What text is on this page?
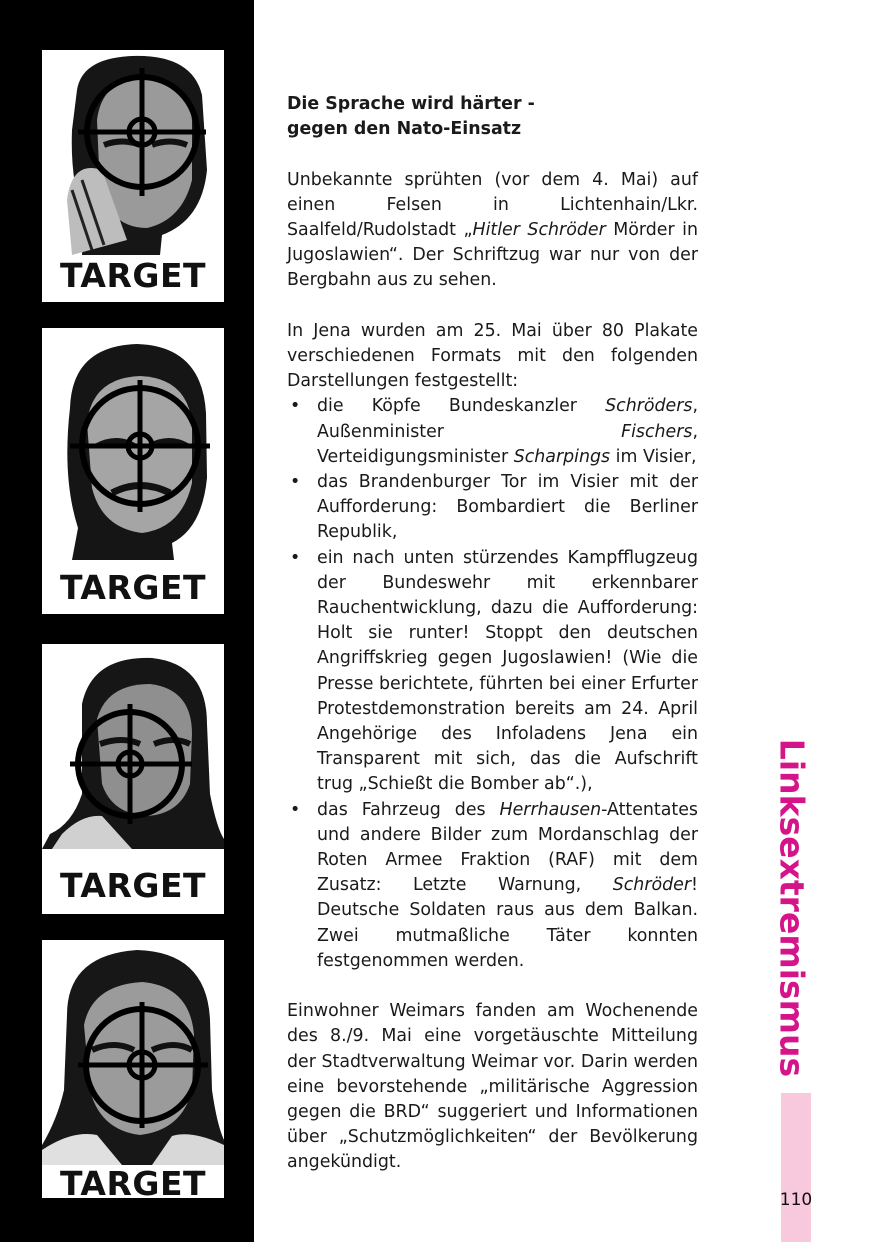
TARGET
TARGET
TARGET
TARGET

Die Sprache wird härter -
gegen den Nato-Einsatz

Unbekannte sprühten (vor dem 4. Mai) auf einen Felsen in Lichtenhain/Lkr. Saalfeld/Rudolstadt „Hitler Schröder Mörder in Jugoslawien“. Der Schriftzug war nur von der Bergbahn aus zu sehen.

In Jena wurden am 25. Mai über 80 Plakate verschiedenen Formats mit den folgenden Darstellungen festgestellt:

• die Köpfe Bundeskanzler Schröders, Außenminister Fischers, Verteidigungsminister Scharpings im Visier,
• das Brandenburger Tor im Visier mit der Aufforderung: Bombardiert die Berliner Republik,
• ein nach unten stürzendes Kampfflugzeug der Bundeswehr mit erkennbarer Rauchentwicklung, dazu die Aufforderung: Holt sie runter! Stoppt den deutschen Angriffskrieg gegen Jugoslawien! (Wie die Presse berichtete, führten bei einer Erfurter Protestdemonstration bereits am 24. April Angehörige des Infoladens Jena ein Transparent mit sich, das die Aufschrift trug „Schießt die Bomber ab“.),
• das Fahrzeug des Herrhausen-Attentates und andere Bilder zum Mordanschlag der Roten Armee Fraktion (RAF) mit dem Zusatz: Letzte Warnung, Schröder! Deutsche Soldaten raus aus dem Balkan. Zwei mutmaßliche Täter konnten festgenommen werden.

Einwohner Weimars fanden am Wochenende des 8./9. Mai eine vorgetäuschte Mitteilung der Stadtverwaltung Weimar vor. Darin werden eine bevorstehende „militärische Aggression gegen die BRD“ suggeriert und Informationen über „Schutzmöglichkeiten“ der Bevölkerung angekündigt.

Linksextremismus
110
